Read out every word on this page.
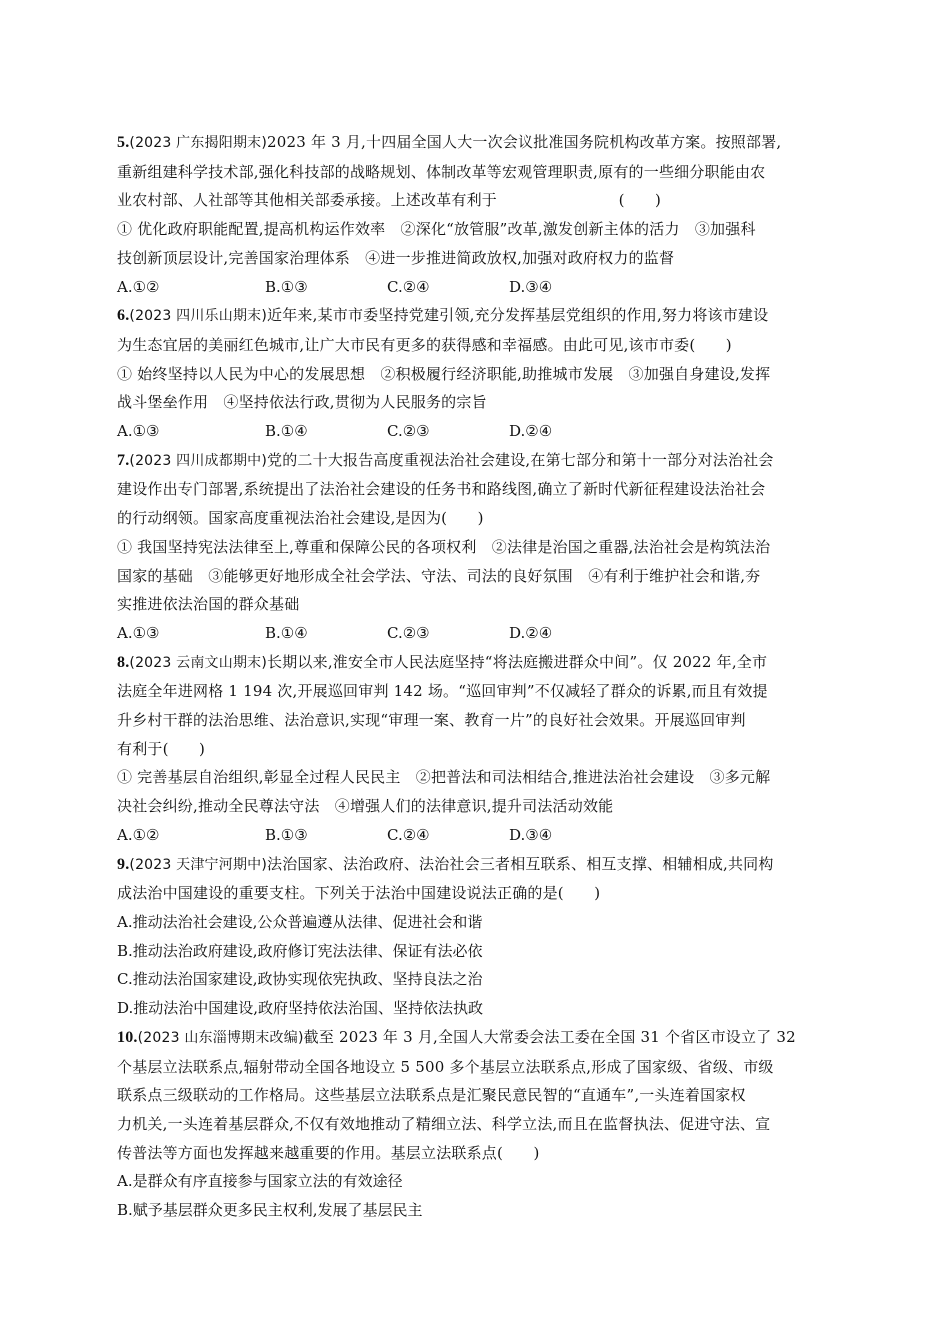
5.(2023 广东揭阳期末)2023 年 3 月,十四届全国人大一次会议批准国务院机构改革方案。按照部署,
重新组建科学技术部,强化科技部的战略规划、体制改革等宏观管理职责,原有的一些细分职能由农
业农村部、人社部等其他相关部委承接。上述改革有利于　　　　　　　　(　　)
① 优化政府职能配置,提高机构运作效率　②深化“放管服”改革,激发创新主体的活力　③加强科
技创新顶层设计,完善国家治理体系　④进一步推进简政放权,加强对政府权力的监督
A.①②	B.①③	C.②④	D.③④
6.(2023 四川乐山期末)近年来,某市市委坚持党建引领,充分发挥基层党组织的作用,努力将该市建设
为生态宜居的美丽红色城市,让广大市民有更多的获得感和幸福感。由此可见,该市市委(　　)
① 始终坚持以人民为中心的发展思想　②积极履行经济职能,助推城市发展　③加强自身建设,发挥
战斗堡垒作用　④坚持依法行政,贯彻为人民服务的宗旨
A.①③	B.①④	C.②③	D.②④
7.(2023 四川成都期中)党的二十大报告高度重视法治社会建设,在第七部分和第十一部分对法治社会
建设作出专门部署,系统提出了法治社会建设的任务书和路线图,确立了新时代新征程建设法治社会
的行动纲领。国家高度重视法治社会建设,是因为(　　)
① 我国坚持宪法法律至上,尊重和保障公民的各项权利　②法律是治国之重器,法治社会是构筑法治
国家的基础　③能够更好地形成全社会学法、守法、司法的良好氛围　④有利于维护社会和谐,夯
实推进依法治国的群众基础
A.①③	B.①④	C.②③	D.②④
8.(2023 云南文山期末)长期以来,淮安全市人民法庭坚持“将法庭搬进群众中间”。仅 2022 年,全市
法庭全年进网格 1 194 次,开展巡回审判 142 场。“巡回审判”不仅减轻了群众的诉累,而且有效提
升乡村干群的法治思维、法治意识,实现“审理一案、教育一片”的良好社会效果。开展巡回审判
有利于(　　)
① 完善基层自治组织,彰显全过程人民民主　②把普法和司法相结合,推进法治社会建设　③多元解
决社会纠纷,推动全民尊法守法　④增强人们的法律意识,提升司法活动效能
A.①②	B.①③	C.②④	D.③④
9.(2023 天津宁河期中)法治国家、法治政府、法治社会三者相互联系、相互支撑、相辅相成,共同构
成法治中国建设的重要支柱。下列关于法治中国建设说法正确的是(　　)
A.推动法治社会建设,公众普遍遵从法律、促进社会和谐
B.推动法治政府建设,政府修订宪法法律、保证有法必依
C.推动法治国家建设,政协实现依宪执政、坚持良法之治
D.推动法治中国建设,政府坚持依法治国、坚持依法执政
10.(2023 山东淄博期末改编)截至 2023 年 3 月,全国人大常委会法工委在全国 31 个省区市设立了 32
个基层立法联系点,辐射带动全国各地设立 5 500 多个基层立法联系点,形成了国家级、省级、市级
联系点三级联动的工作格局。这些基层立法联系点是汇聚民意民智的“直通车”,一头连着国家权
力机关,一头连着基层群众,不仅有效地推动了精细立法、科学立法,而且在监督执法、促进守法、宣
传普法等方面也发挥越来越重要的作用。基层立法联系点(　　)
A.是群众有序直接参与国家立法的有效途径
B.赋予基层群众更多民主权利,发展了基层民主
